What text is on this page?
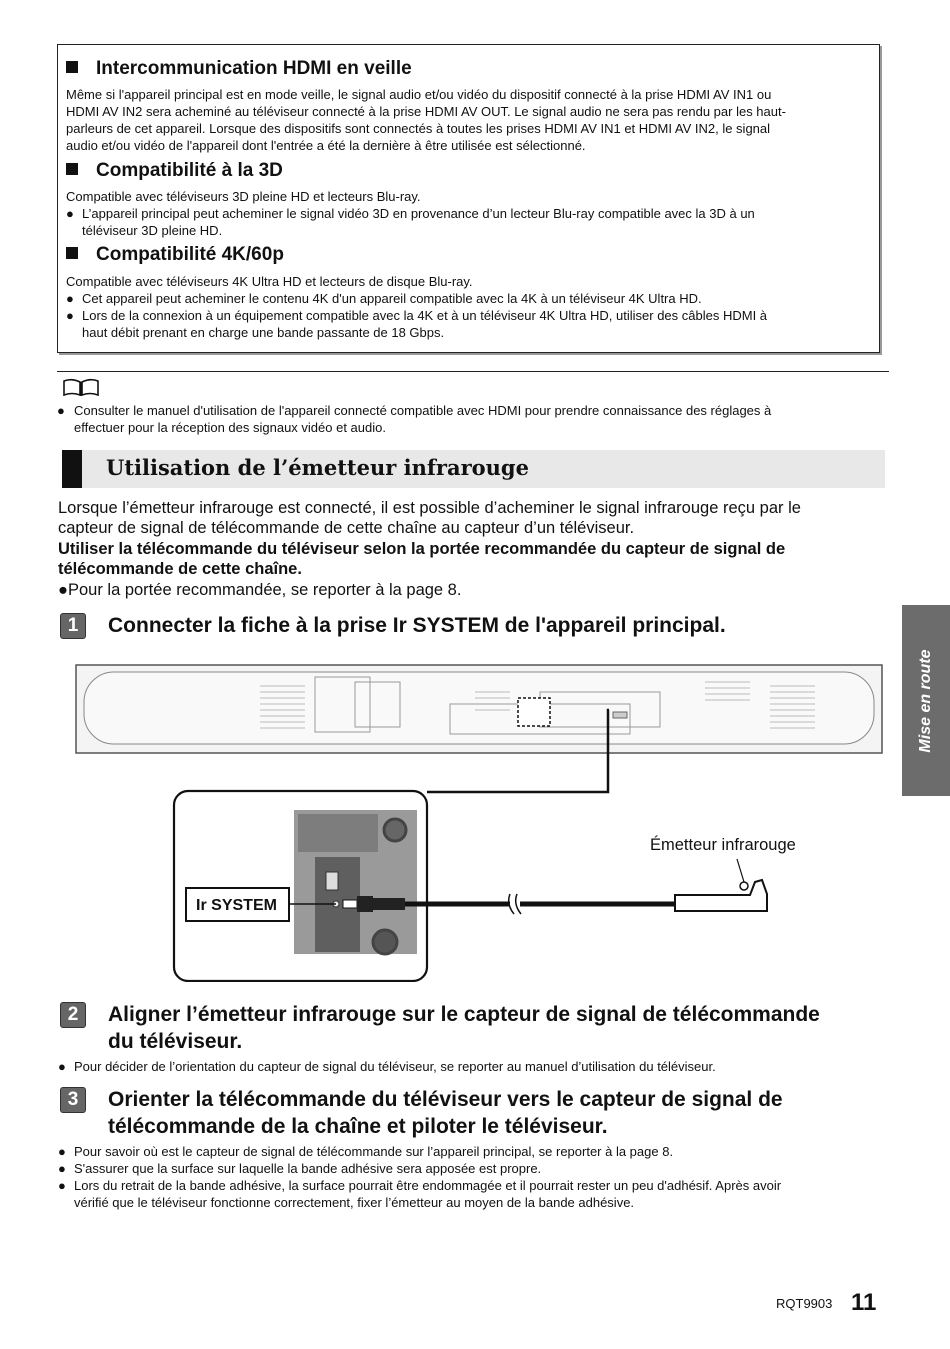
Intercommunication HDMI en veille
Même si l'appareil principal est en mode veille, le signal audio et/ou vidéo du dispositif connecté à la prise HDMI AV IN1 ou
HDMI AV IN2 sera acheminé au téléviseur connecté à la prise HDMI AV OUT. Le signal audio ne sera pas rendu par les haut-
parleurs de cet appareil. Lorsque des dispositifs sont connectés à toutes les prises HDMI AV IN1 et HDMI AV IN2, le signal
audio et/ou vidéo de l'appareil dont l'entrée a été la dernière à être utilisée est sélectionné.
Compatibilité à la 3D
Compatible avec téléviseurs 3D pleine HD et lecteurs Blu-ray.
● L’appareil principal peut acheminer le signal vidéo 3D en provenance d’un lecteur Blu-ray compatible avec la 3D à un
téléviseur 3D pleine HD.
Compatibilité 4K/60p
Compatible avec téléviseurs 4K Ultra HD et lecteurs de disque Blu-ray.
● Cet appareil peut acheminer le contenu 4K d'un appareil compatible avec la 4K à un téléviseur 4K Ultra HD.
● Lors de la connexion à un équipement compatible avec la 4K et à un téléviseur 4K Ultra HD, utiliser des câbles HDMI à
haut débit prenant en charge une bande passante de 18 Gbps.
● Consulter le manuel d'utilisation de l'appareil connecté compatible avec HDMI pour prendre connaissance des réglages à
effectuer pour la réception des signaux vidéo et audio.
Utilisation de l’émetteur infrarouge
Lorsque l’émetteur infrarouge est connecté, il est possible d’acheminer le signal infrarouge reçu par le
capteur de signal de télécommande de cette chaîne au capteur d’un téléviseur.
Utiliser la télécommande du téléviseur selon la portée recommandée du capteur de signal de
télécommande de cette chaîne.
●Pour la portée recommandée, se reporter à la page 8.
1	Connecter la fiche à la prise Ir SYSTEM de l'appareil principal.
Ir SYSTEM
Émetteur infrarouge
2	Aligner l’émetteur infrarouge sur le capteur de signal de télécommande
du téléviseur.
● Pour décider de l’orientation du capteur de signal du téléviseur, se reporter au manuel d’utilisation du téléviseur.
3	Orienter la télécommande du téléviseur vers le capteur de signal de
télécommande de la chaîne et piloter le téléviseur.
● Pour savoir où est le capteur de signal de télécommande sur l’appareil principal, se reporter à la page 8.
● S'assurer que la surface sur laquelle la bande adhésive sera apposée est propre.
● Lors du retrait de la bande adhésive, la surface pourrait être endommagée et il pourrait rester un peu d'adhésif. Après avoir
vérifié que le téléviseur fonctionne correctement, fixer l’émetteur au moyen de la bande adhésive.
Mise en route
RQT9903 11
